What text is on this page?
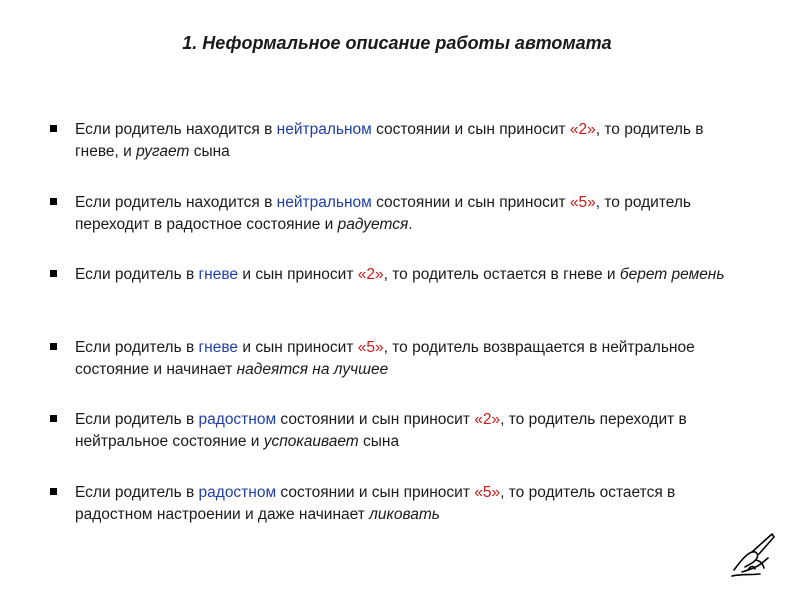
1. Неформальное описание работы автомата
Если родитель находится в нейтральном состоянии и сын приносит «2», то родитель в гневе, и ругает сына
Если родитель находится в нейтральном состоянии и сын приносит «5», то родитель переходит в радостное состояние и радуется.
Если родитель в гневе и сын приносит «2», то родитель остается в гневе и берет ремень
Если родитель в гневе и сын приносит «5», то родитель возвращается в нейтральное состояние и начинает надеятся на лучшее
Если родитель в радостном состоянии и сын приносит «2», то родитель переходит в нейтральное состояние и успокаивает сына
Если родитель в радостном состоянии и сын приносит «5», то родитель остается в радостном настроении и даже начинает ликовать
